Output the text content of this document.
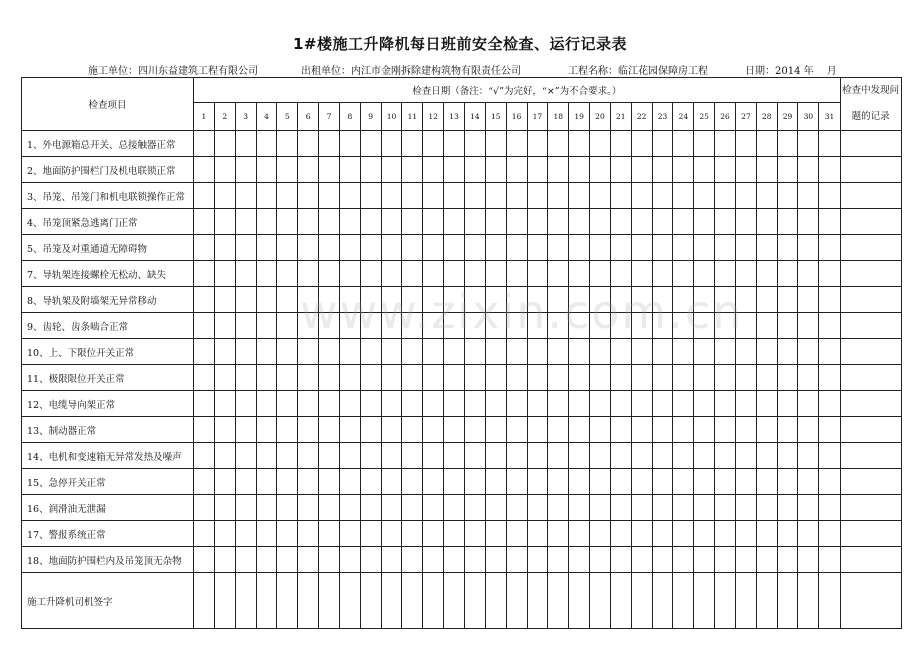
1#楼施工升降机每日班前安全检查、运行记录表
施工单位：四川东益建筑工程有限公司	出租单位：内江市金刚拆除建构筑物有限责任公司	工程名称：临江花园保障房工程	日期：2014 年　 月
www.zixin.com.cn
检查项目	检查日期（备注：“√”为完好，“×”为不合要求。）																															检查中发现问题的记录
	1	2	3	4	5	6	7	8	9	10	11	12	13	14	15	16	17	18	19	20	21	22	23	24	25	26	27	28	29	30	31	
1、外电源箱总开关、总接触器正常																																
2、地面防护围栏门及机电联锁正常																																
3、吊笼、吊笼门和机电联锁操作正常																																
4、吊笼顶紧急逃离门正常																																
5、吊笼及对重通道无障碍物																																
7、导轨架连接螺栓无松动、缺失																																
8、导轨架及附墙架无异常移动																																
9、齿轮、齿条啮合正常																																
10、上、下限位开关正常																																
11、极限限位开关正常																																
12、电缆导向架正常																																
13、制动器正常																																
14、电机和变速箱无异常发热及噪声																																
15、急停开关正常																																
16、润滑油无泄漏																																
17、警报系统正常																																
18、地面防护围栏内及吊笼顶无杂物																																
施工升降机司机签字																																
